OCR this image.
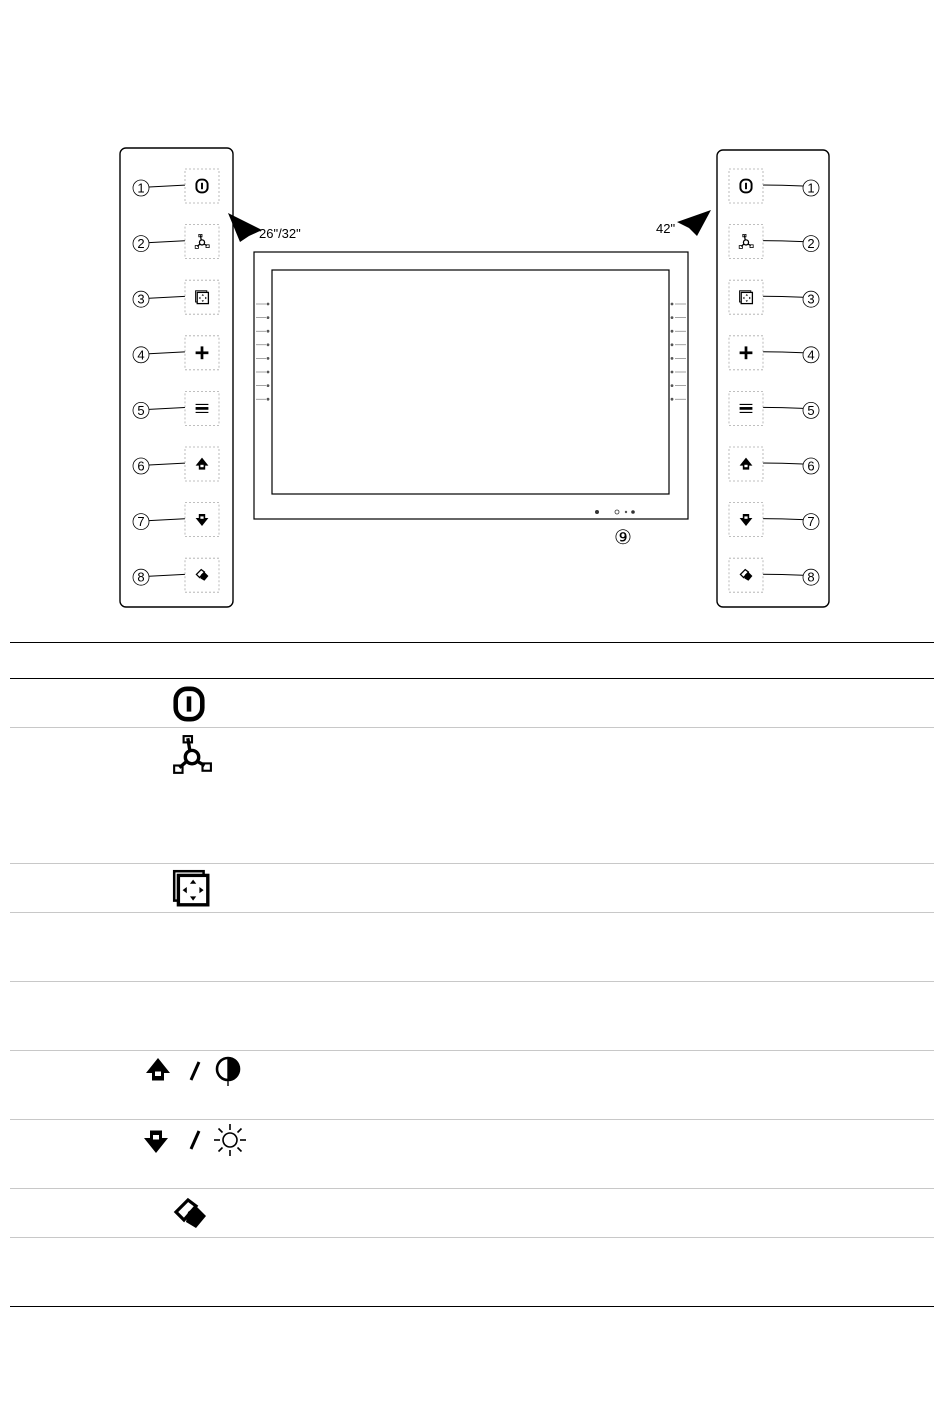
1
2
3
4
5
6
7
8
1
2
3
4
5
6
7
8
26"/32"	42"
⑨
